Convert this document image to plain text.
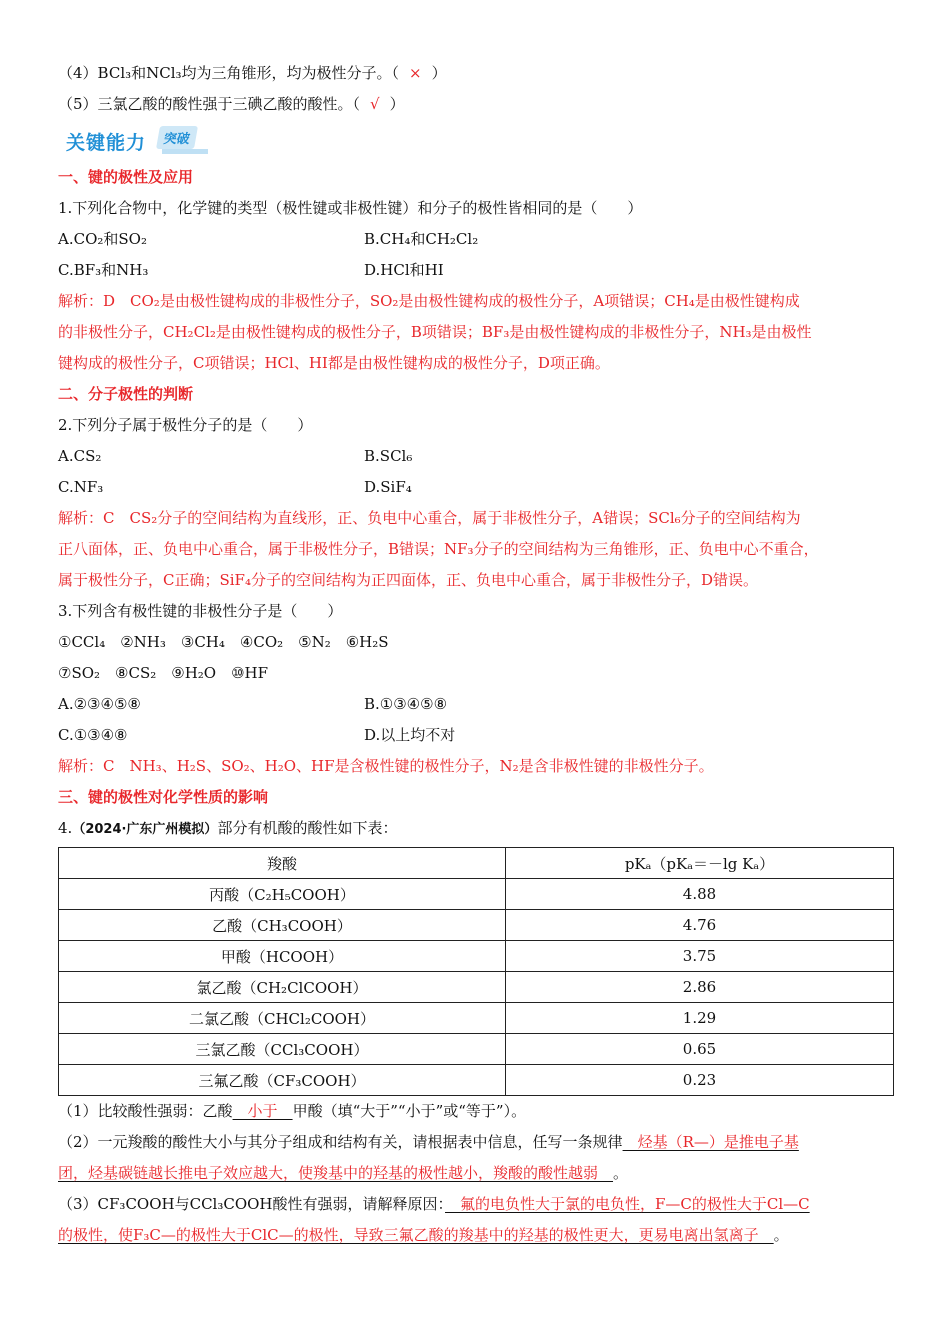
（4）BCl₃和NCl₃均为三角锥形，均为极性分子。（ × ）
（5）三氯乙酸的酸性强于三碘乙酸的酸性。（ √ ）
关键能力	突破
一、键的极性及应用
1.下列化合物中，化学键的类型（极性键或非极性键）和分子的极性皆相同的是（　　）
A.CO₂和SO₂	B.CH₄和CH₂Cl₂
C.BF₃和NH₃	D.HCl和HI
解析：D　CO₂是由极性键构成的非极性分子，SO₂是由极性键构成的极性分子，A项错误；CH₄是由极性键构成
的非极性分子，CH₂Cl₂是由极性键构成的极性分子，B项错误；BF₃是由极性键构成的非极性分子，NH₃是由极性
键构成的极性分子，C项错误；HCl、HI都是由极性键构成的极性分子，D项正确。
二、分子极性的判断
2.下列分子属于极性分子的是（　　）
A.CS₂	B.SCl₆
C.NF₃	D.SiF₄
解析：C　CS₂分子的空间结构为直线形，正、负电中心重合，属于非极性分子，A错误；SCl₆分子的空间结构为
正八面体，正、负电中心重合，属于非极性分子，B错误；NF₃分子的空间结构为三角锥形，正、负电中心不重合，
属于极性分子，C正确；SiF₄分子的空间结构为正四面体，正、负电中心重合，属于非极性分子，D错误。
3.下列含有极性键的非极性分子是（　　）
①CCl₄　②NH₃　③CH₄　④CO₂　⑤N₂　⑥H₂S
⑦SO₂　⑧CS₂　⑨H₂O　⑩HF
A.②③④⑤⑧	B.①③④⑤⑧
C.①③④⑧	D.以上均不对
解析：C　NH₃、H₂S、SO₂、H₂O、HF是含极性键的极性分子，N₂是含非极性键的非极性分子。
三、键的极性对化学性质的影响
4.（2024·广东广州模拟）部分有机酸的酸性如下表：
羧酸	pKₐ（pKₐ＝－lg Kₐ）
丙酸（C₂H₅COOH）	4.88
乙酸（CH₃COOH）	4.76
甲酸（HCOOH）	3.75
氯乙酸（CH₂ClCOOH）	2.86
二氯乙酸（CHCl₂COOH）	1.29
三氯乙酸（CCl₃COOH）	0.65
三氟乙酸（CF₃COOH）	0.23
（1）比较酸性强弱：乙酸　小于　甲酸（填“大于”“小于”或“等于”）。
（2）一元羧酸的酸性大小与其分子组成和结构有关，请根据表中信息，任写一条规律　烃基（R—）是推电子基
团，烃基碳链越长推电子效应越大，使羧基中的羟基的极性越小，羧酸的酸性越弱　。
（3）CF₃COOH与CCl₃COOH酸性有强弱，请解释原因：　氟的电负性大于氯的电负性，F—C的极性大于Cl—C
的极性，使F₃C—的极性大于ClC—的极性，导致三氟乙酸的羧基中的羟基的极性更大，更易电离出氢离子　。
